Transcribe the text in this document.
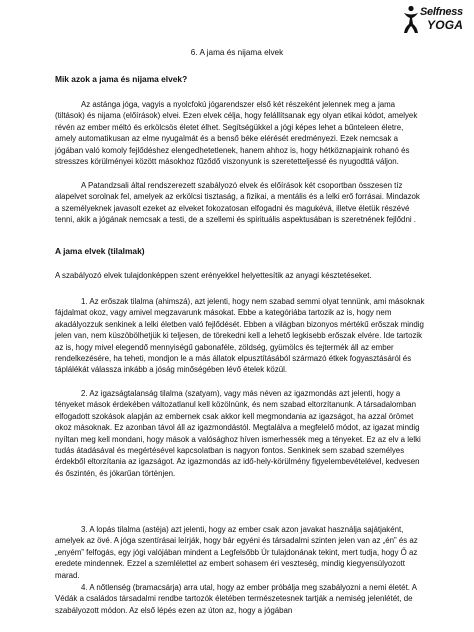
Selfness
YOGA
6. A jama és nijama elvek
Mik azok a jama és nijama elvek?

Az astánga jóga, vagyis a nyolcfokú jógarendszer első két részeként jelennek meg a jama (tiltások) és nijama (előírások) elvei. Ezen elvek célja, hogy felállítsanak egy olyan etikai kódot, amelyek révén az ember méltó és erkölcsös életet élhet. Segítségükkel a jógi képes lehet a bűnteleen életre, amely automatikusan az elme nyugalmát és a benső béke elérését eredményezi. Ezek nemcsak a jógában való komoly fejlődéshez elengedhetetlenek, hanem ahhoz is, hogy hétköznapjaink rohanó és stresszes körülményei között másokhoz fűződő viszonyunk is szeretetteljessé és nyugodttá váljon.

A Patandzsali által rendszerezett szabályozó elvek és előírások két csoportban összesen tíz alapelvet sorolnak fel, amelyek az erkölcsi tisztaság, a fizikai, a mentális és a lelki erő forrásai. Mindazok a személyeknek javasolt ezeket az elveket fokozatosan elfogadni és magukévá, illetve életük részévé tenni, akik a jógának nemcsak a testi, de a szellemi és spirituális aspektusában is szeretnének fejlődni .

A jama elvek (tilalmak)

A szabályozó elvek tulajdonképpen szent erényekkel helyettesítik az anyagi késztetéseket.

1. Az erőszak tilalma (ahimszá), azt jelenti, hogy nem szabad semmi olyat tennünk, ami másoknak fájdalmat okoz, vagy amivel megzavarunk másokat. Ebbe a kategóriába tartozik az is, hogy nem akadályozzuk senkinek a lelki életben való fejlődését. Ebben a világban bizonyos mértékű erőszak mindig jelen van, nem küszöbölhetjük ki teljesen, de törekedni kell a lehető legkisebb erőszak elvére. Ide tartozik az is, hogy mivel elegendő mennyiségű gabonaféle, zöldség, gyümölcs és tejtermék áll az ember rendelkezésére, ha teheti, mondjon le a más állatok elpusztításából származó étkek fogyasztásáról és táplálékát válassza inkább a jóság minőségében lévő ételek közül.

2. Az igazságtalanság tilalma (szatyam), vagy más néven az igazmondás azt jelenti, hogy a tényeket mások érdekében változatlanul kell közölnünk, és nem szabad eltorzítanunk. A társadalomban elfogadott szokások alapján az embernek csak akkor kell megmondania az igazságot, ha azzal örömet okoz másoknak. Ez azonban távol áll az igazmondástól. Megtalálva a megfelelő módot, az igazat mindig nyíltan meg kell mondani, hogy mások a valósághoz híven ismerhessék meg a tényeket. Ez az elv a lelki tudás átadásával és megértésével kapcsolatban is nagyon fontos. Senkinek sem szabad személyes érdekből eltorzítania az igazságot. Az igazmondás az idő-hely-körülmény figyelembevételével, kedvesen és őszintén, és jókarűan történjen.

3. A lopás tilalma (astéja) azt jelenti, hogy az ember csak azon javakat használja sajátjaként, amelyek az övé. A jóga szentírásai leírják, hogy bár egyéni és társadalmi szinten jelen van az „én” és az „enyém” felfogás, egy jógi valójában mindent a Legfelsőbb Úr tulajdonának tekint, mert tudja, hogy Ő az eredete mindennek. Ezzel a szemlélettel az embert sohasem éri veszteség, mindig kiegyensúlyozott marad.

4. A nőtlenség (bramacsárja) arra utal, hogy az ember próbálja meg szabályozni a nemi életét. A Védák a családos társadalmi rendbe tartozók életében természetesnek tartják a nemiség jelenlétét, de szabályozott módon. Az első lépés ezen az úton az, hogy a jógában
